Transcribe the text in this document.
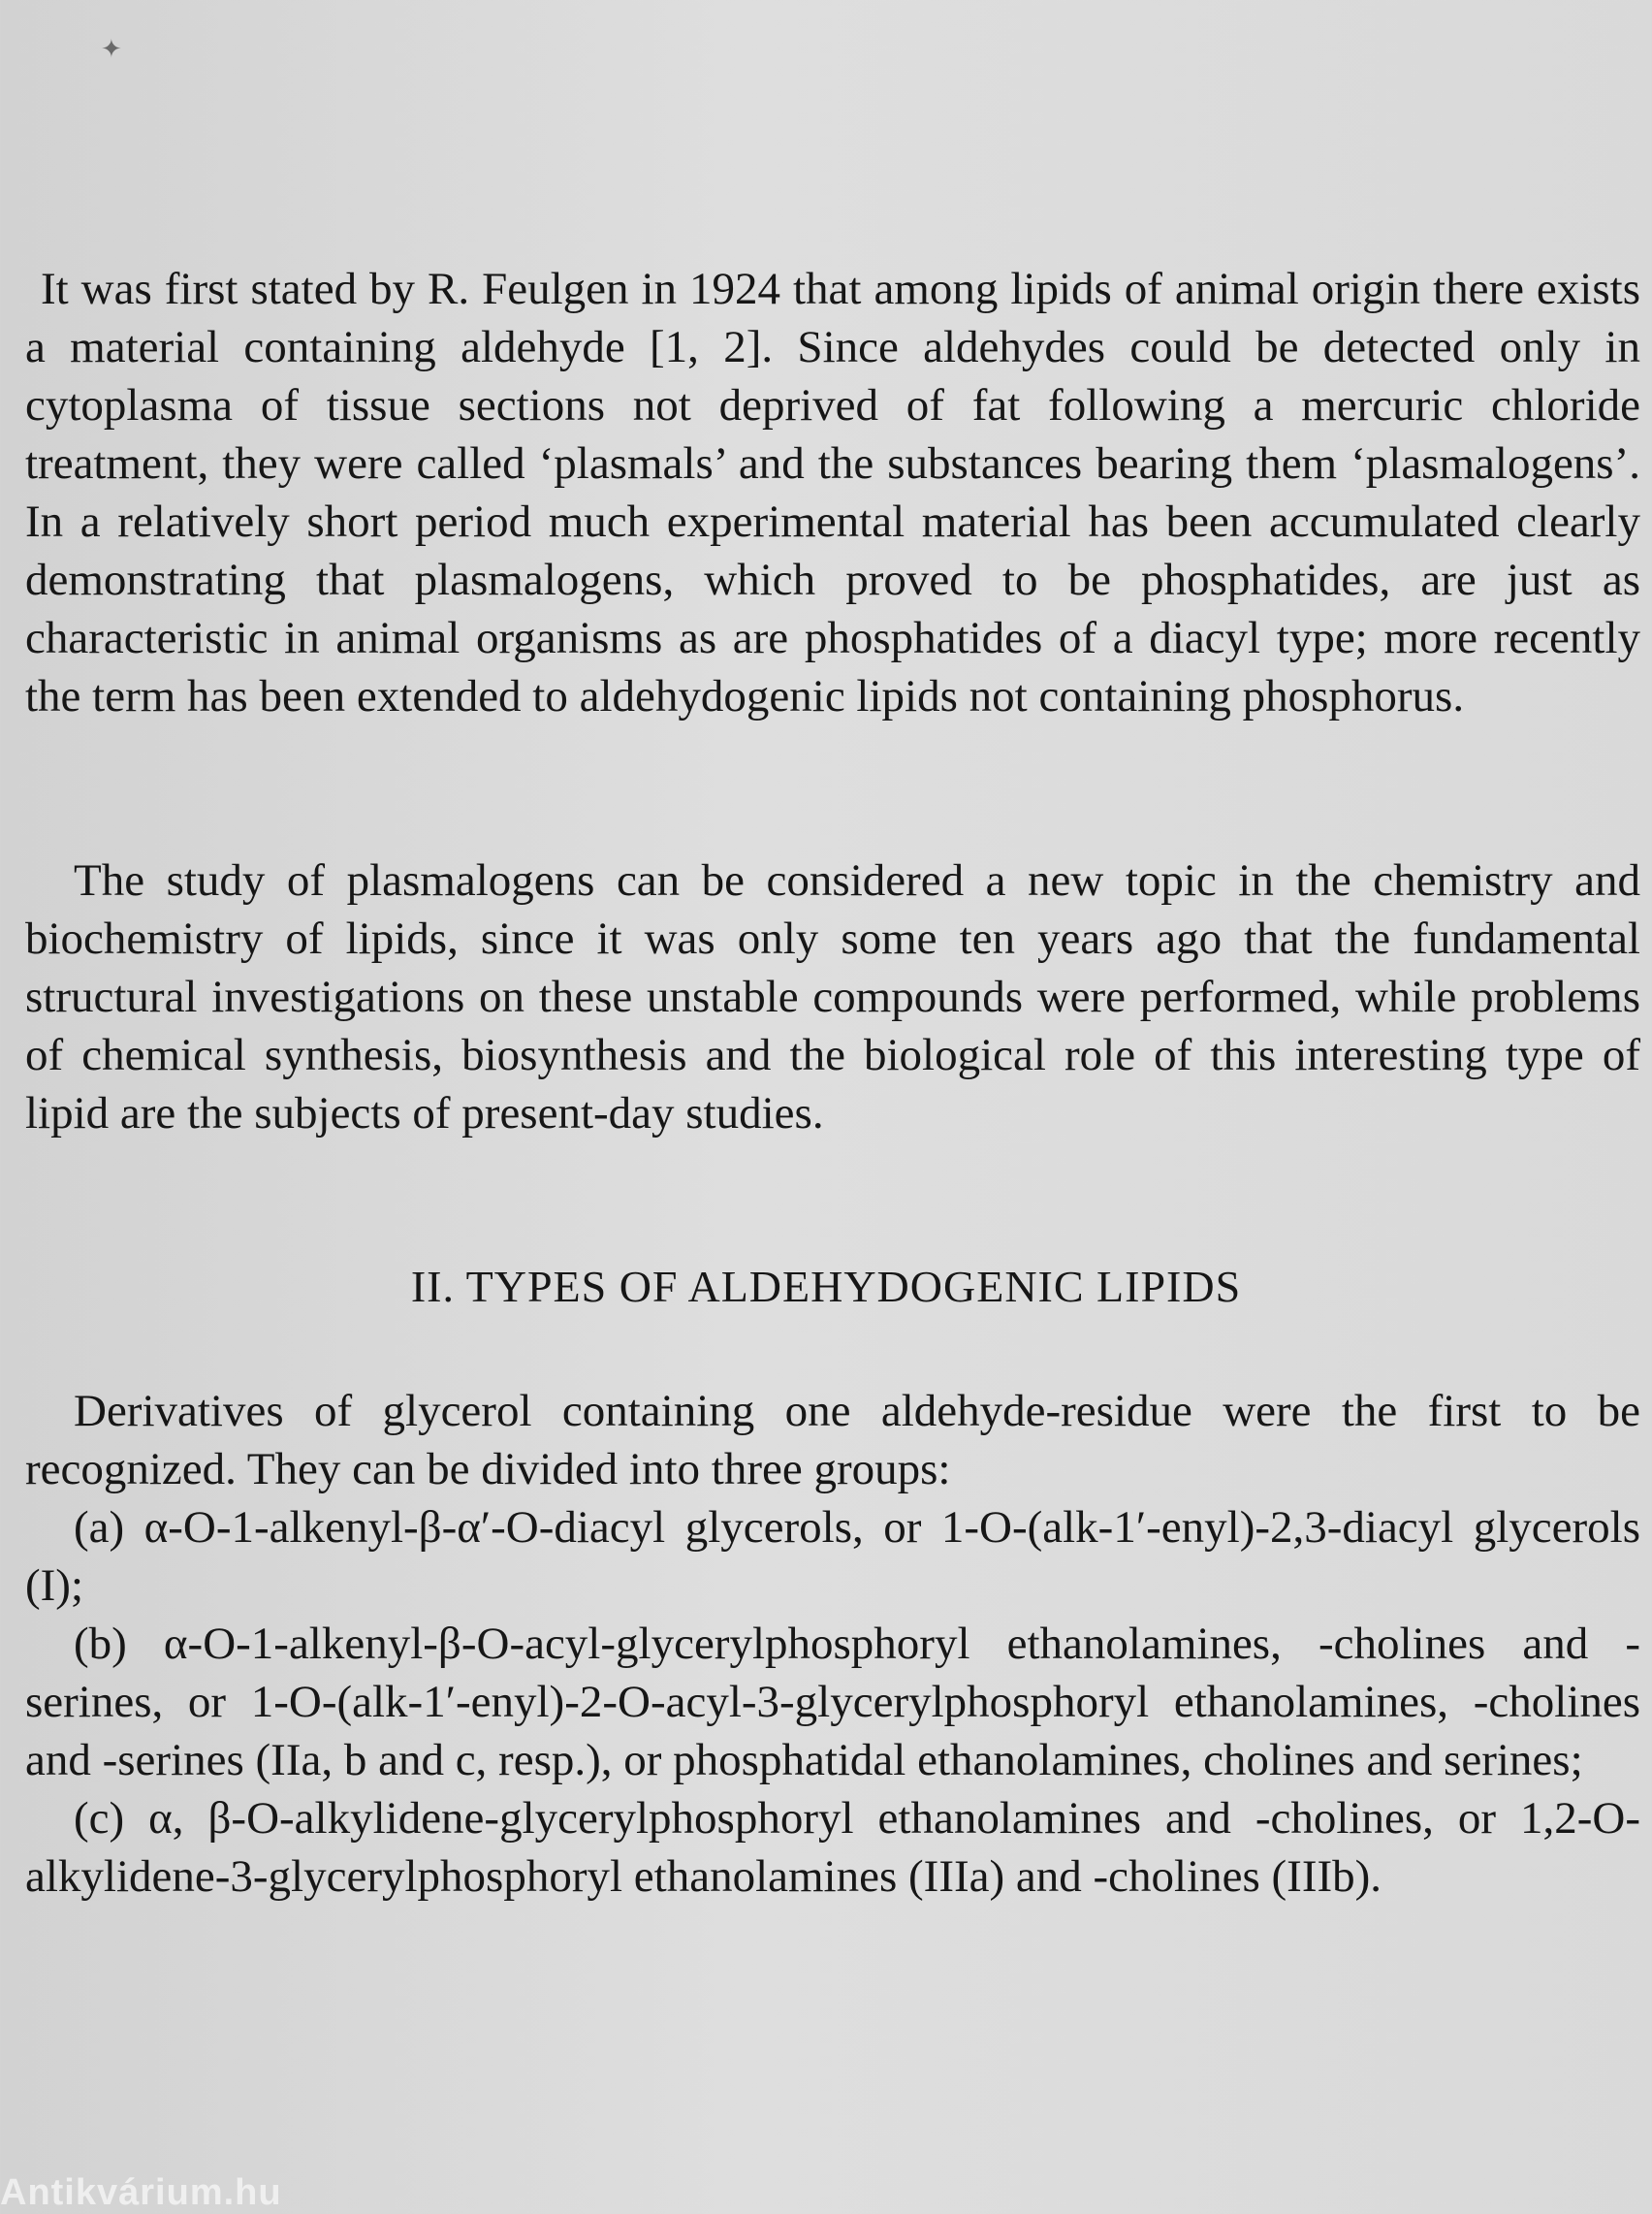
✦

It was first stated by R. Feulgen in 1924 that among lipids of animal origin there exists a material containing aldehyde [1, 2]. Since aldehydes could be detected only in cytoplasma of tissue sections not deprived of fat following a mercuric chloride treatment, they were called ‘plasmals’ and the substances bearing them ‘plasmalogens’. In a relatively short period much experimental material has been accumulated clearly demonstrating that plasmalogens, which proved to be phosphatides, are just as characteristic in animal organisms as are phosphatides of a diacyl type; more recently the term has been extended to aldehydogenic lipids not containing phosphorus.

The study of plasmalogens can be considered a new topic in the chemistry and biochemistry of lipids, since it was only some ten years ago that the fundamental structural investigations on these unstable compounds were performed, while problems of chemical synthesis, biosynthesis and the biological role of this interesting type of lipid are the subjects of present-day studies.

II. TYPES OF ALDEHYDOGENIC LIPIDS

Derivatives of glycerol containing one aldehyde-residue were the first to be recognized. They can be divided into three groups:

(a) α-O-1-alkenyl-β-α′-O-diacyl glycerols, or 1-O-(alk-1′-enyl)-2,3-diacyl glycerols (I);

(b) α-O-1-alkenyl-β-O-acyl-glycerylphosphoryl ethanolamines, -cholines and -serines, or 1-O-(alk-1′-enyl)-2-O-acyl-3-glycerylphosphoryl ethanolamines, -cholines and -serines (IIa, b and c, resp.), or phosphatidal ethanolamines, cholines and serines;

(c) α, β-O-alkylidene-glycerylphosphoryl ethanolamines and -cholines, or 1,2-O-alkylidene-3-glycerylphosphoryl ethanolamines (IIIa) and -cholines (IIIb).

Antikvárium.hu
